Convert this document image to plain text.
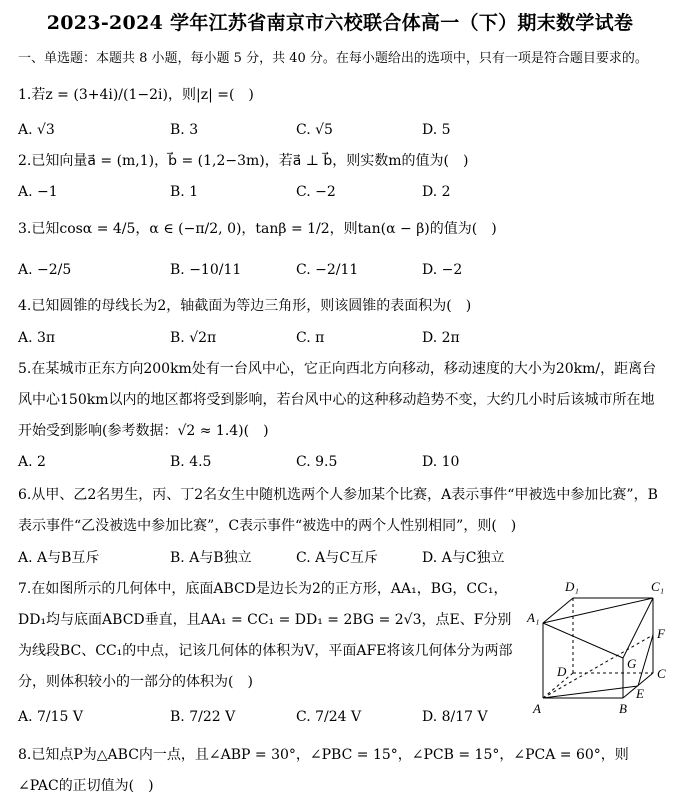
2023-2024 学年江苏省南京市六校联合体高一（下）期末数学试卷
一、单选题：本题共 8 小题，每小题 5 分，共 40 分。在每小题给出的选项中，只有一项是符合题目要求的。
1.若z = (3+4i)/(1−2i)，则|z| =(　)
A. √3	B. 3	C. √5	D. 5
2.已知向量a⃗ = (m,1)，b⃗ = (1,2−3m)，若a⃗ ⊥ b⃗，则实数m的值为(　)
A. −1	B. 1	C. −2	D. 2
3.已知cosα = 4/5，α ∈ (−π/2, 0)，tanβ = 1/2，则tan(α − β)的值为(　)
A. −2/5	B. −10/11	C. −2/11	D. −2
4.已知圆锥的母线长为2，轴截面为等边三角形，则该圆锥的表面积为(　)
A. 3π	B. √2π	C. π	D. 2π
5.在某城市正东方向200km处有一台风中心，它正向西北方向移动，移动速度的大小为20km/，距离台风中心150km以内的地区都将受到影响，若台风中心的这种移动趋势不变，大约几小时后该城市所在地开始受到影响(参考数据：√2 ≈ 1.4)(　)
A. 2	B. 4.5	C. 9.5	D. 10
6.从甲、乙2名男生，丙、丁2名女生中随机选两个人参加某个比赛，A表示事件“甲被选中参加比赛”，B表示事件“乙没被选中参加比赛”，C表示事件“被选中的两个人性别相同”，则(　)
A. A与B互斥	B. A与B独立	C. A与C互斥	D. A与C独立
7.在如图所示的几何体中，底面ABCD是边长为2的正方形，AA₁，BG，CC₁，DD₁均与底面ABCD垂直，且AA₁ = CC₁ = DD₁ = 2BG = 2√3，点E、F分别为线段BC、CC₁的中点，记该几何体的体积为V，平面AFE将该几何体分为两部分，则体积较小的一部分的体积为(　)
A. 7/15 V	B. 7/22 V	C. 7/24 V	D. 8/17 V
8.已知点P为△ABC内一点，且∠ABP = 30°，∠PBC = 15°，∠PCB = 15°，∠PCA = 60°，则∠PAC的正切值为(　)
D₁	C₁
A₁
F
G
D	C
E
A	B
